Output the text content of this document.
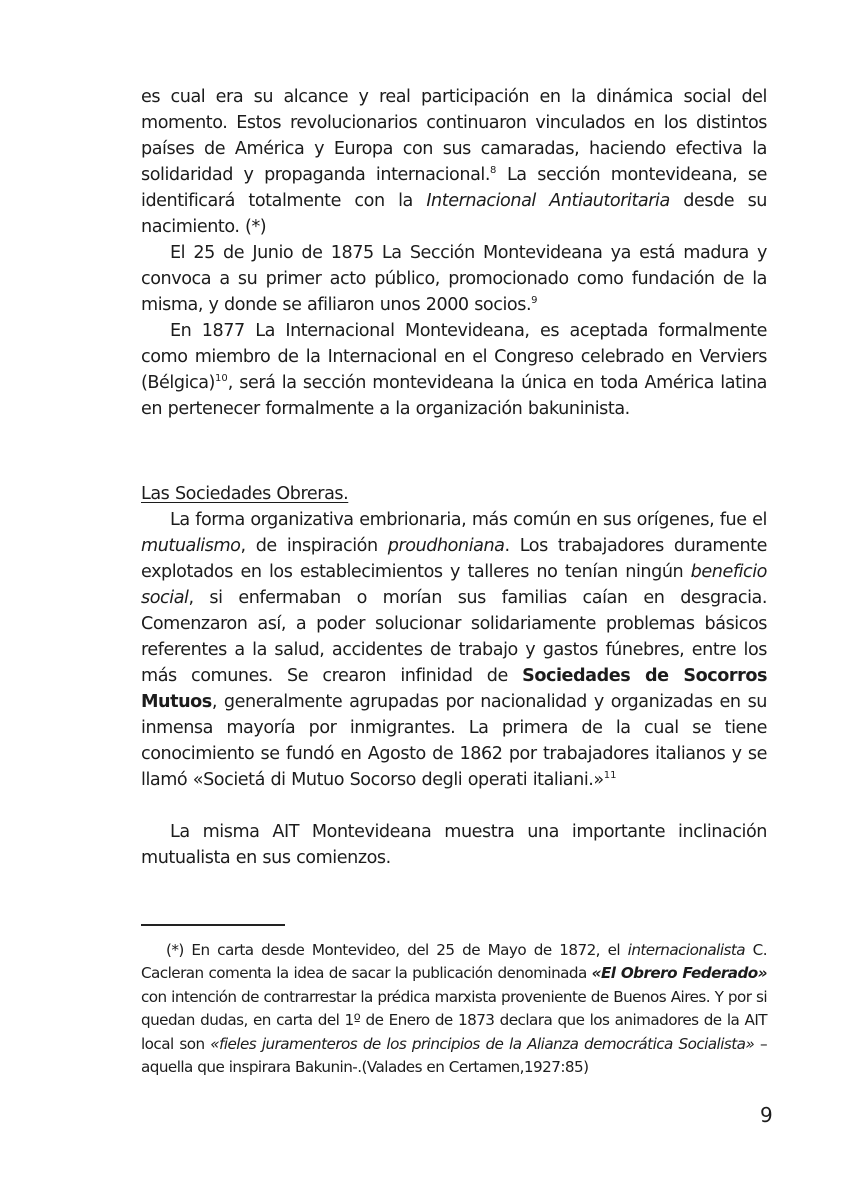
es cual era su alcance y real participación en la dinámica social del momento. Estos revolucionarios continuaron vinculados en los distintos países de América y Europa con sus camaradas, haciendo efectiva la solidaridad y propaganda internacional.$^8$ La sección montevideana, se identificará totalmente con la Internacional Antiautoritaria desde su nacimiento. (*)

El 25 de Junio de 1875 La Sección Montevideana ya está madura y convoca a su primer acto público, promocionado como fundación de la misma, y donde se afiliaron unos 2000 socios.$^9$

En 1877 La Internacional Montevideana, es aceptada formalmente como miembro de la Internacional en el Congreso celebrado en Verviers (Bélgica)$^{10}$, será la sección montevideana la única en toda América latina en pertenecer formalmente a la organización bakuninista.

Las Sociedades Obreras.

La forma organizativa embrionaria, más común en sus orígenes, fue el mutualismo, de inspiración proudhoniana. Los trabajadores duramente explotados en los establecimientos y talleres no tenían ningún beneficio social, si enfermaban o morían sus familias caían en desgracia. Comenzaron así, a poder solucionar solidariamente problemas básicos referentes a la salud, accidentes de trabajo y gastos fúnebres, entre los más comunes. Se crearon infinidad de Sociedades de Socorros Mutuos, generalmente agrupadas por nacionalidad y organizadas en su inmensa mayoría por inmigrantes. La primera de la cual se tiene conocimiento se fundó en Agosto de 1862 por trabajadores italianos y se llamó «Societá di Mutuo Socorso degli operati italiani.»$^{11}$

La misma AIT Montevideana muestra una importante inclinación mutualista en sus comienzos.

(*) En carta desde Montevideo, del 25 de Mayo de 1872, el internacionalista C. Cacleran comenta la idea de sacar la publicación denominada «El Obrero Federado» con intención de contrarrestar la prédica marxista proveniente de Buenos Aires. Y por si quedan dudas, en carta del 1º de Enero de 1873 declara que los animadores de la AIT local son «fieles juramenteros de los principios de la Alianza democrática Socialista» –aquella que inspirara Bakunin-.(Valades en Certamen,1927:85)

9
